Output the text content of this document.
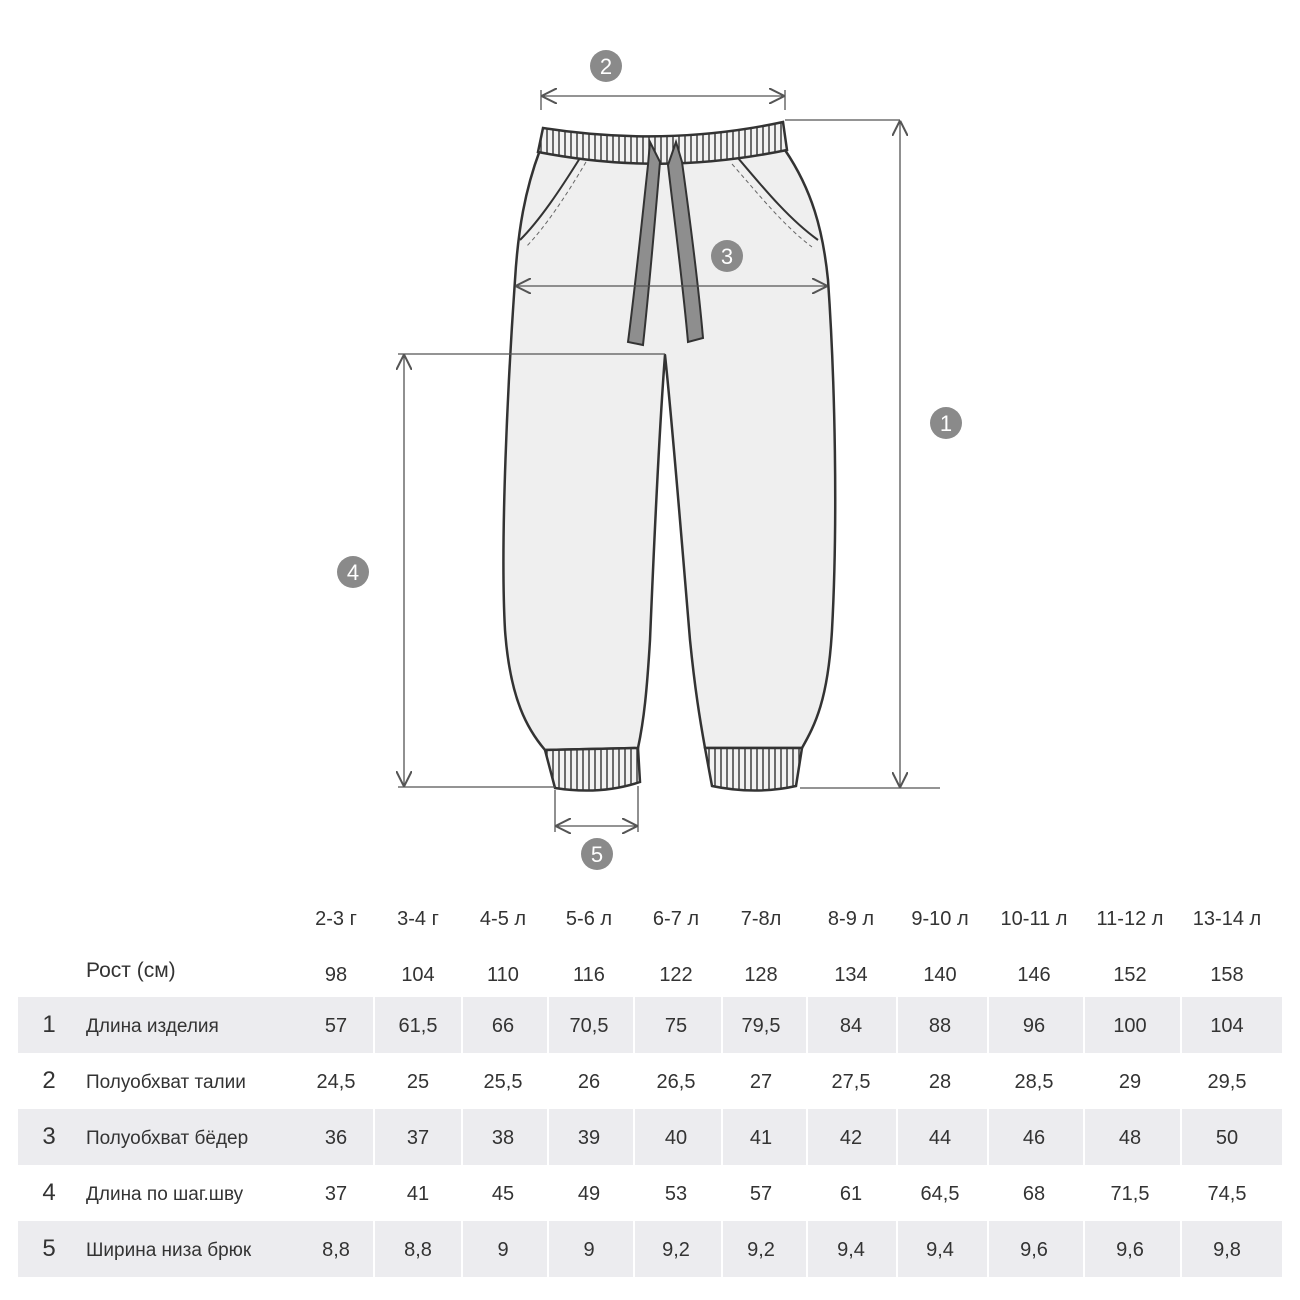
2
3
1
4
5
2-3 г	3-4 г	4-5 л	5-6 л	6-7 л	7-8л	8-9 л	9-10 л	10-11 л	11-12 л	13-14 л
Рост (см)	98	104	110	116	122	128	134	140	146	152	158
1	Длина изделия	57	61,5	66	70,5	75	79,5	84	88	96	100	104
2	Полуобхват талии	24,5	25	25,5	26	26,5	27	27,5	28	28,5	29	29,5
3	Полуобхват бёдер	36	37	38	39	40	41	42	44	46	48	50
4	Длина по шаг.шву	37	41	45	49	53	57	61	64,5	68	71,5	74,5
5	Ширина низа брюк	8,8	8,8	9	9	9,2	9,2	9,4	9,4	9,6	9,6	9,8
